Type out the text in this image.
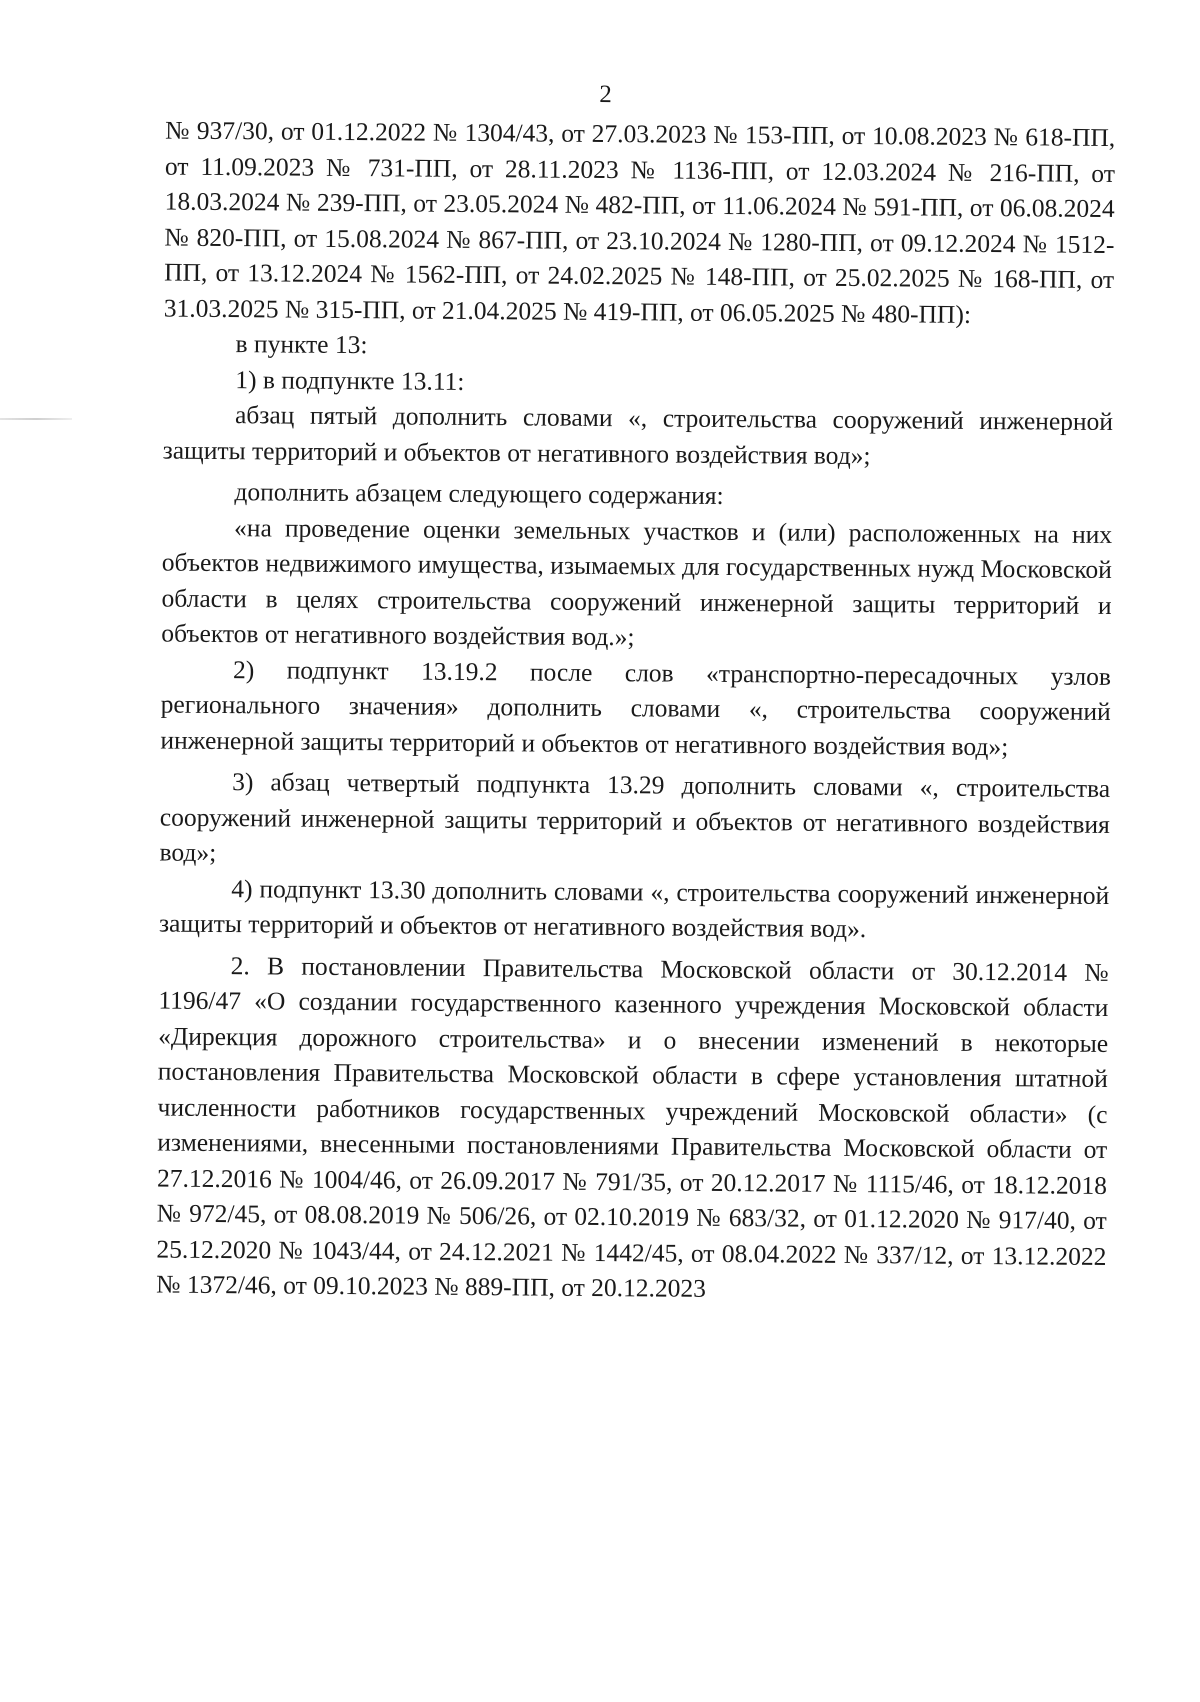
2

№ 937/30, от 01.12.2022 № 1304/43, от 27.03.2023 № 153-ПП, от 10.08.2023 № 618-ПП, от 11.09.2023 № 731-ПП, от 28.11.2023 № 1136-ПП, от 12.03.2024 № 216-ПП, от 18.03.2024 № 239-ПП, от 23.05.2024 № 482-ПП, от 11.06.2024 № 591-ПП, от 06.08.2024 № 820-ПП, от 15.08.2024 № 867-ПП, от 23.10.2024 № 1280-ПП, от 09.12.2024 № 1512-ПП, от 13.12.2024 № 1562-ПП, от 24.02.2025 № 148-ПП, от 25.02.2025 № 168-ПП, от 31.03.2025 № 315-ПП, от 21.04.2025 № 419-ПП, от 06.05.2025 № 480-ПП):

в пункте 13:

1) в подпункте 13.11:

абзац пятый дополнить словами «, строительства сооружений инженерной защиты территорий и объектов от негативного воздействия вод»;

дополнить абзацем следующего содержания:

«на проведение оценки земельных участков и (или) расположенных на них объектов недвижимого имущества, изымаемых для государственных нужд Московской области в целях строительства сооружений инженерной защиты территорий и объектов от негативного воздействия вод.»;

2) подпункт 13.19.2 после слов «транспортно-пересадочных узлов регионального значения» дополнить словами «, строительства сооружений инженерной защиты территорий и объектов от негативного воздействия вод»;

3) абзац четвертый подпункта 13.29 дополнить словами «, строительства сооружений инженерной защиты территорий и объектов от негативного воздействия вод»;

4) подпункт 13.30 дополнить словами «, строительства сооружений инженерной защиты территорий и объектов от негативного воздействия вод».

2. В постановлении Правительства Московской области от 30.12.2014 № 1196/47 «О создании государственного казенного учреждения Московской области «Дирекция дорожного строительства» и о внесении изменений в некоторые постановления Правительства Московской области в сфере установления штатной численности работников государственных учреждений Московской области» (с изменениями, внесенными постановлениями Правительства Московской области от 27.12.2016 № 1004/46, от 26.09.2017 № 791/35, от 20.12.2017 № 1115/46, от 18.12.2018 № 972/45, от 08.08.2019 № 506/26, от 02.10.2019 № 683/32, от 01.12.2020 № 917/40, от 25.12.2020 № 1043/44, от 24.12.2021 № 1442/45, от 08.04.2022 № 337/12, от 13.12.2022 № 1372/46, от 09.10.2023 № 889-ПП, от 20.12.2023
